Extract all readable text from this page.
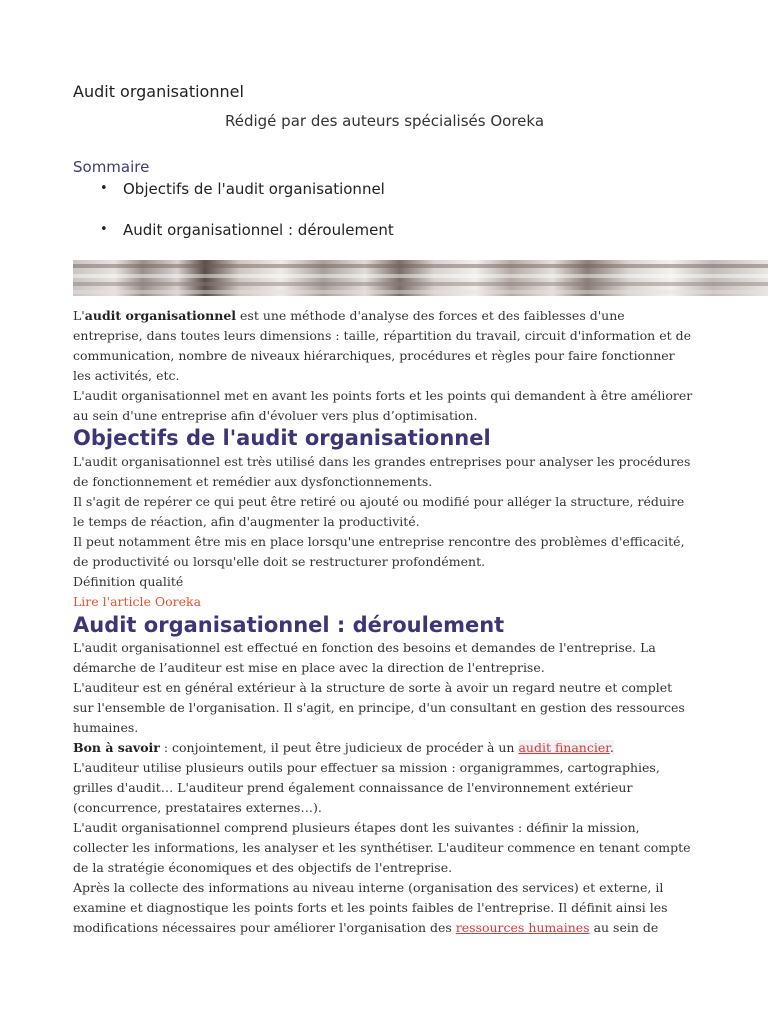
Audit organisationnel

Rédigé par des auteurs spécialisés Ooreka

Sommaire

• Objectifs de l'audit organisationnel
• Audit organisationnel : déroulement

L'audit organisationnel est une méthode d'analyse des forces et des faiblesses d'une entreprise, dans toutes leurs dimensions : taille, répartition du travail, circuit d'information et de communication, nombre de niveaux hiérarchiques, procédures et règles pour faire fonctionner les activités, etc.

L'audit organisationnel met en avant les points forts et les points qui demandent à être améliorer au sein d'une entreprise afin d'évoluer vers plus d’optimisation.

Objectifs de l'audit organisationnel

L'audit organisationnel est très utilisé dans les grandes entreprises pour analyser les procédures de fonctionnement et remédier aux dysfonctionnements.

Il s'agit de repérer ce qui peut être retiré ou ajouté ou modifié pour alléger la structure, réduire le temps de réaction, afin d'augmenter la productivité.

Il peut notamment être mis en place lorsqu'une entreprise rencontre des problèmes d'efficacité, de productivité ou lorsqu'elle doit se restructurer profondément.

Définition qualité

Lire l'article Ooreka

Audit organisationnel : déroulement

L'audit organisationnel est effectué en fonction des besoins et demandes de l'entreprise. La démarche de l’auditeur est mise en place avec la direction de l'entreprise.

L'auditeur est en général extérieur à la structure de sorte à avoir un regard neutre et complet sur l'ensemble de l'organisation. Il s'agit, en principe, d'un consultant en gestion des ressources humaines.

Bon à savoir : conjointement, il peut être judicieux de procéder à un audit financier.

L'auditeur utilise plusieurs outils pour effectuer sa mission : organigrammes, cartographies, grilles d'audit… L'auditeur prend également connaissance de l'environnement extérieur (concurrence, prestataires externes…).

L'audit organisationnel comprend plusieurs étapes dont les suivantes : définir la mission, collecter les informations, les analyser et les synthétiser. L'auditeur commence en tenant compte de la stratégie économiques et des objectifs de l'entreprise.

Après la collecte des informations au niveau interne (organisation des services) et externe, il examine et diagnostique les points forts et les points faibles de l'entreprise. Il définit ainsi les modifications nécessaires pour améliorer l'organisation des ressources humaines au sein de
